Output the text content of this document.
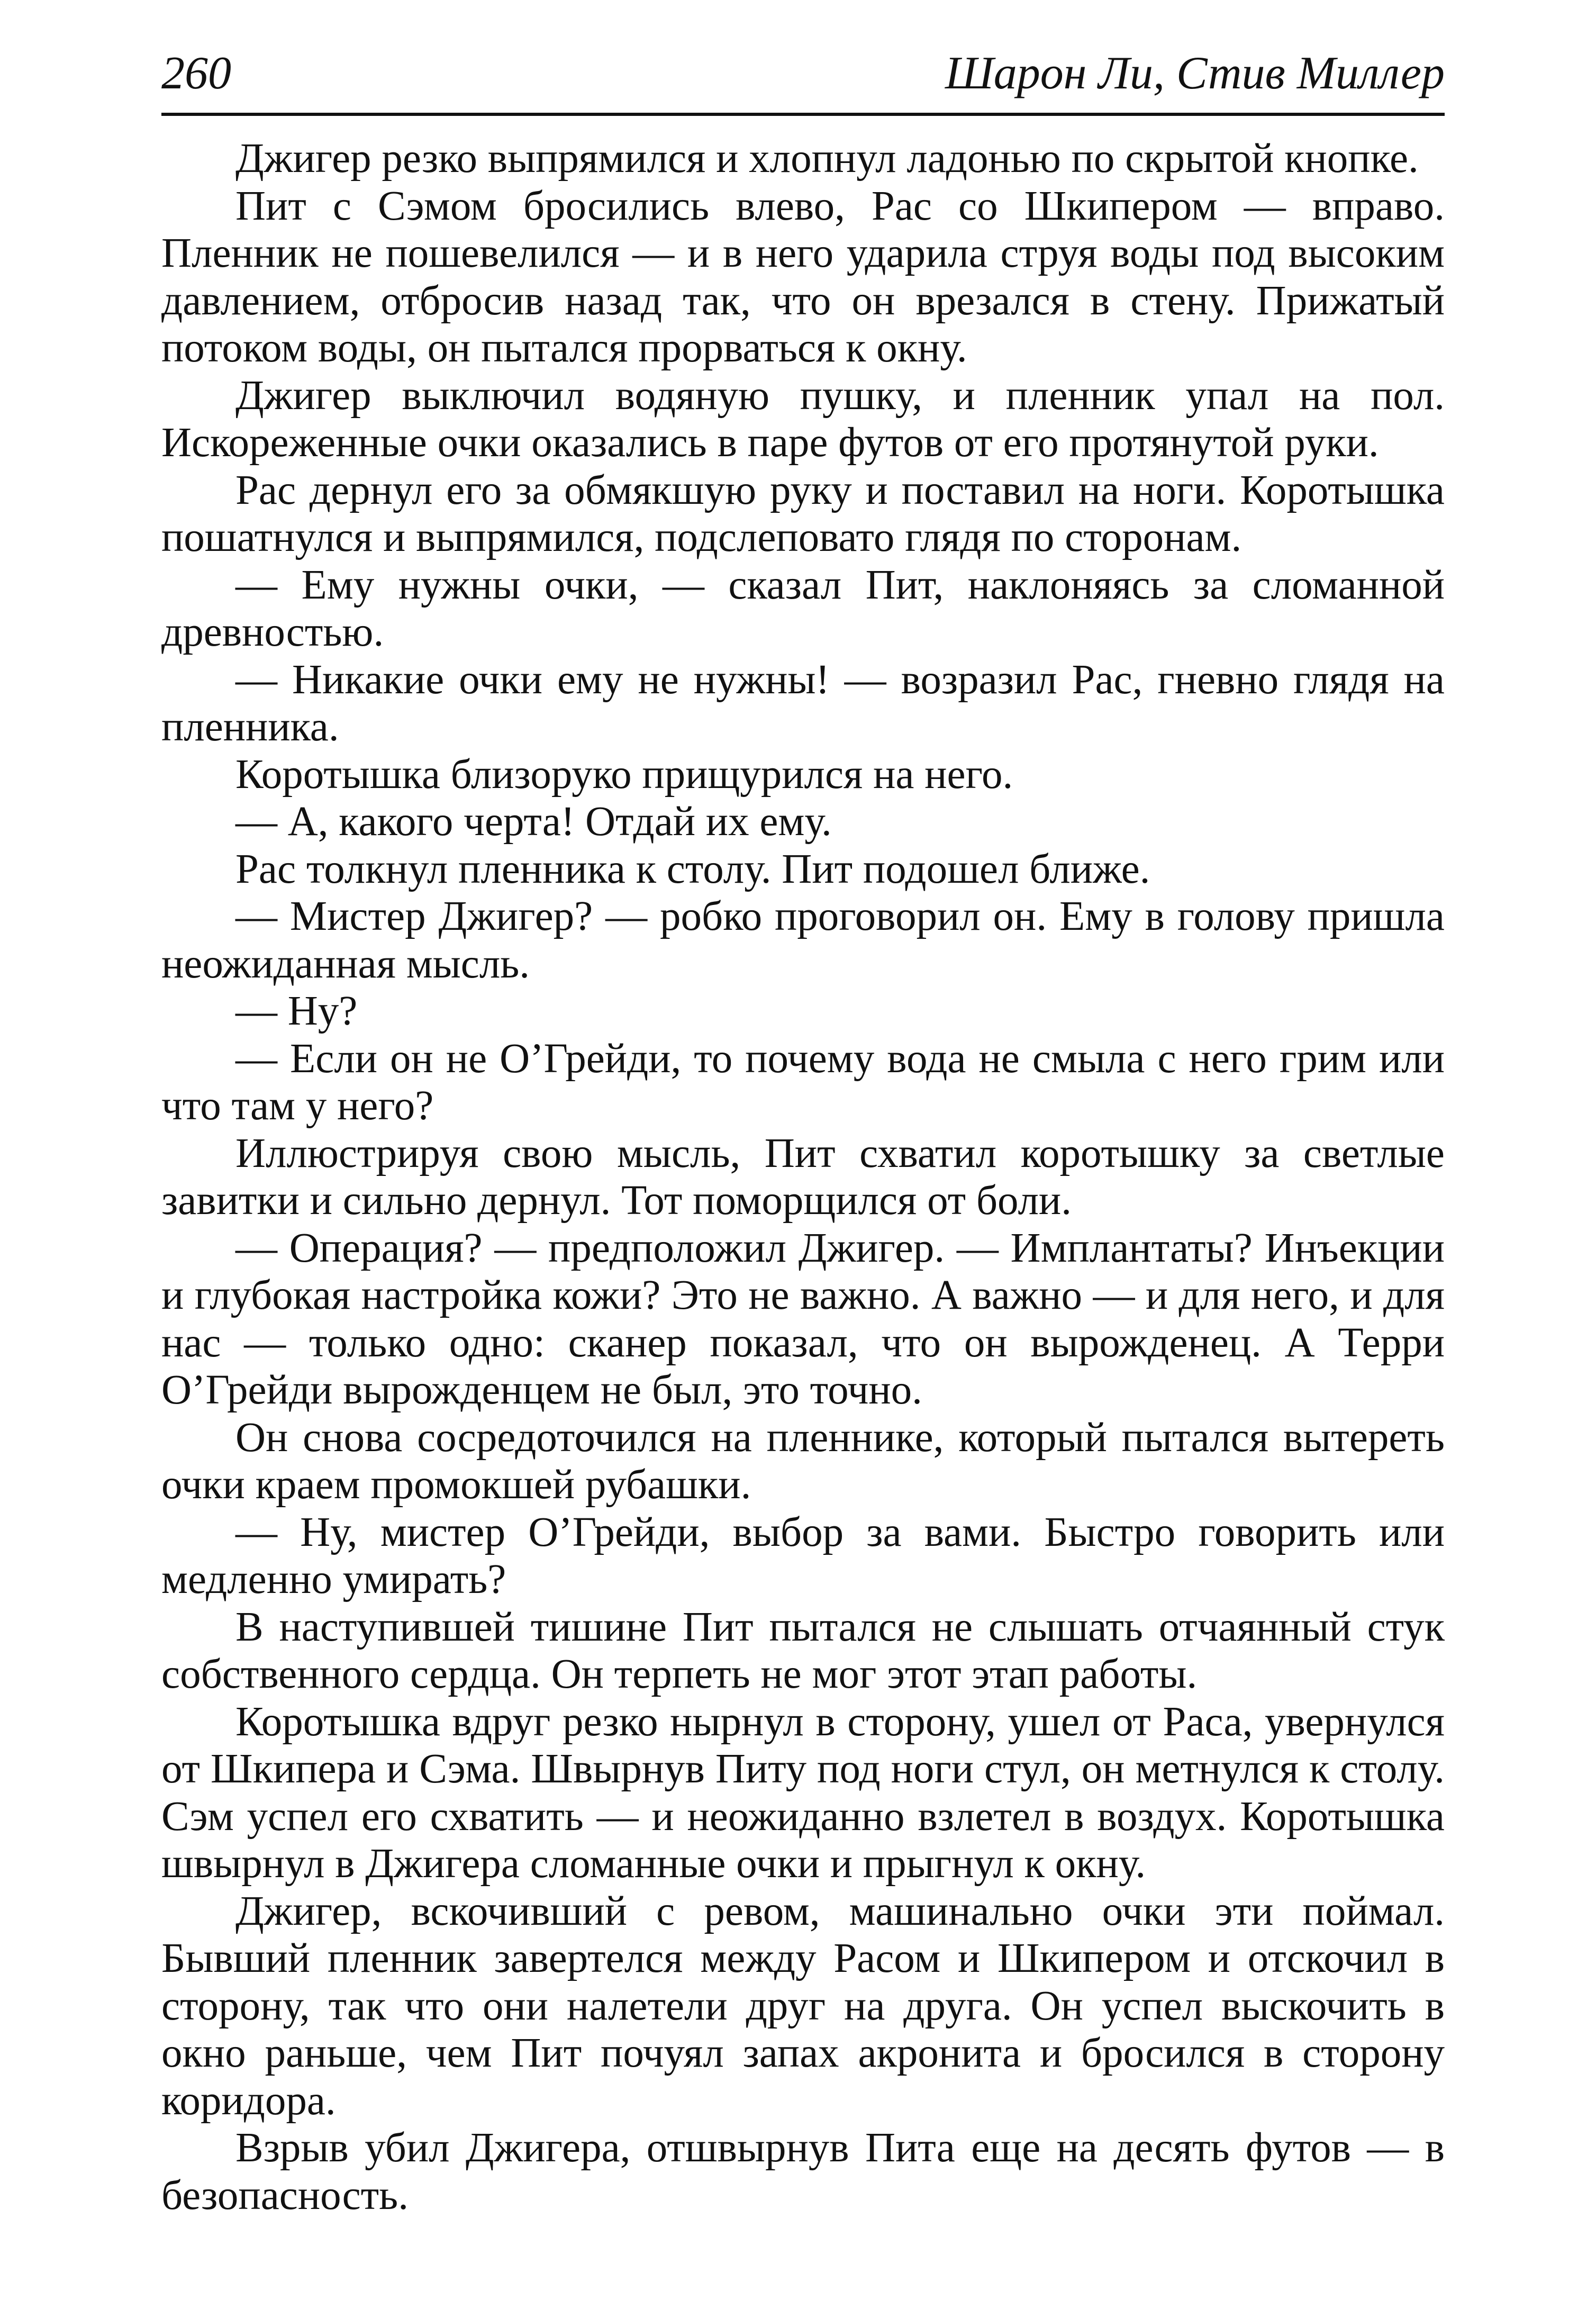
260	Шарон Ли, Стив Миллер

Джигер резко выпрямился и хлопнул ладонью по скрытой кнопке.

Пит с Сэмом бросились влево, Рас со Шкипером — вправо. Пленник не пошевелился — и в него ударила струя воды под высоким давлением, отбросив назад так, что он врезался в стену. Прижатый потоком воды, он пытался прорваться к окну.

Джигер выключил водяную пушку, и пленник упал на пол. Искореженные очки оказались в паре футов от его протянутой руки.

Рас дернул его за обмякшую руку и поставил на ноги. Коротышка пошатнулся и выпрямился, подслеповато глядя по сторонам.

— Ему нужны очки, — сказал Пит, наклоняясь за сломанной древностью.

— Никакие очки ему не нужны! — возразил Рас, гневно глядя на пленника.

Коротышка близоруко прищурился на него.

— А, какого черта! Отдай их ему.

Рас толкнул пленника к столу. Пит подошел ближе.

— Мистер Джигер? — робко проговорил он. Ему в голову пришла неожиданная мысль.

— Ну?

— Если он не О’Грейди, то почему вода не смыла с него грим или что там у него?

Иллюстрируя свою мысль, Пит схватил коротышку за светлые завитки и сильно дернул. Тот поморщился от боли.

— Операция? — предположил Джигер. — Имплантаты? Инъекции и глубокая настройка кожи? Это не важно. А важно — и для него, и для нас — только одно: сканер показал, что он вырожденец. А Терри О’Грейди вырожденцем не был, это точно.

Он снова сосредоточился на пленнике, который пытался вытереть очки краем промокшей рубашки.

— Ну, мистер О’Грейди, выбор за вами. Быстро говорить или медленно умирать?

В наступившей тишине Пит пытался не слышать отчаянный стук собственного сердца. Он терпеть не мог этот этап работы.

Коротышка вдруг резко нырнул в сторону, ушел от Раса, увернулся от Шкипера и Сэма. Швырнув Питу под ноги стул, он метнулся к столу. Сэм успел его схватить — и неожиданно взлетел в воздух. Коротышка швырнул в Джигера сломанные очки и прыгнул к окну.

Джигер, вскочивший с ревом, машинально очки эти поймал. Бывший пленник завертелся между Расом и Шкипером и отскочил в сторону, так что они налетели друг на друга. Он успел выскочить в окно раньше, чем Пит почуял запах акронита и бросился в сторону коридора.

Взрыв убил Джигера, отшвырнув Пита еще на десять футов — в безопасность.
